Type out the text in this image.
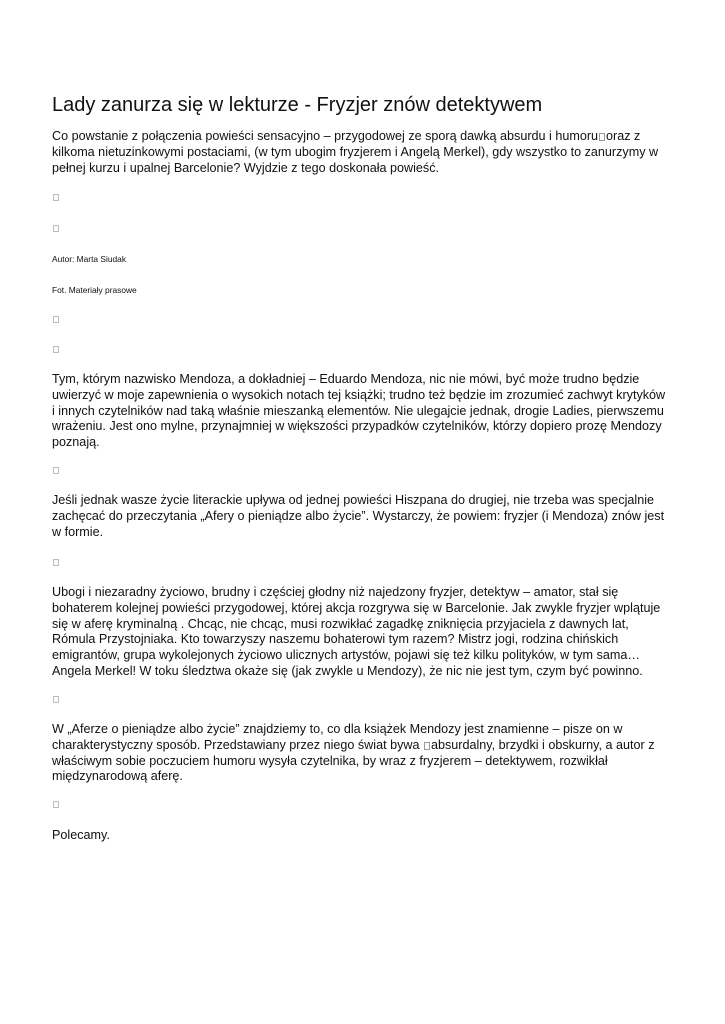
Lady zanurza się w lekturze - Fryzjer znów detektywem

Co powstanie z połączenia powieści sensacyjno – przygodowej ze sporą dawką absurdu i humoru oraz z kilkoma nietuzinkowymi postaciami, (w tym ubogim fryzjerem i Angelą Merkel), gdy wszystko to zanurzymy w pełnej kurzu i upalnej Barcelonie? Wyjdzie z tego doskonała powieść.

Autor: Marta Siudak

Fot. Materiały prasowe

Tym, którym nazwisko Mendoza, a dokładniej – Eduardo Mendoza, nic nie mówi, być może trudno będzie uwierzyć w moje zapewnienia o wysokich notach tej książki; trudno też będzie im zrozumieć zachwyt krytyków i innych czytelników nad taką właśnie mieszanką elementów. Nie ulegajcie jednak, drogie Ladies, pierwszemu wrażeniu. Jest ono mylne, przynajmniej w większości przypadków czytelników, którzy dopiero prozę Mendozy poznają.

Jeśli jednak wasze życie literackie upływa od jednej powieści Hiszpana do drugiej, nie trzeba was specjalnie zachęcać do przeczytania „Afery o pieniądze albo życie”. Wystarczy, że powiem: fryzjer (i Mendoza) znów jest w formie.

Ubogi i niezaradny życiowo, brudny i częściej głodny niż najedzony fryzjer, detektyw – amator, stał się bohaterem kolejnej powieści przygodowej, której akcja rozgrywa się w Barcelonie. Jak zwykle fryzjer wplątuje się w aferę kryminalną . Chcąc, nie chcąc, musi rozwikłać zagadkę zniknięcia przyjaciela z dawnych lat, Rómula Przystojniaka. Kto towarzyszy naszemu bohaterowi tym razem? Mistrz jogi, rodzina chińskich emigrantów, grupa wykolejonych życiowo ulicznych artystów, pojawi się też kilku polityków, w tym sama… Angela Merkel! W toku śledztwa okaże się (jak zwykle u Mendozy), że nic nie jest tym, czym być powinno.

W „Aferze o pieniądze albo życie” znajdziemy to, co dla książek Mendozy jest znamienne – pisze on w charakterystyczny sposób. Przedstawiany przez niego świat bywa absurdalny, brzydki i obskurny, a autor z właściwym sobie poczuciem humoru wysyła czytelnika, by wraz z fryzjerem – detektywem, rozwikłał międzynarodową aferę.

Polecamy.
